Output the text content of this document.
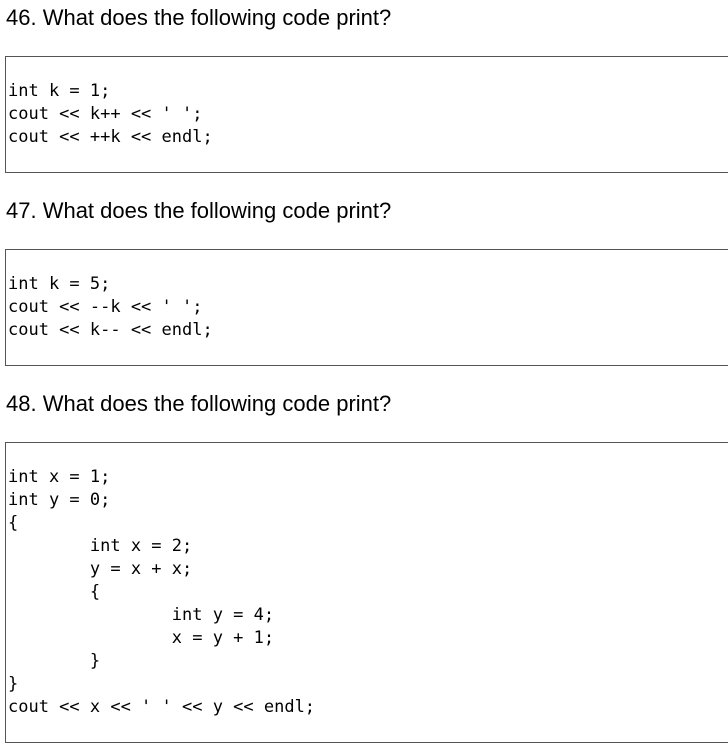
46. What does the following code print?
int k = 1;
cout << k++ << ' ';
cout << ++k << endl;
47. What does the following code print?
int k = 5;
cout << --k << ' ';
cout << k-- << endl;
48. What does the following code print?
int x = 1;
int y = 0;
{
int x = 2;
y = x + x;
{
int y = 4;
x = y + 1;
}
}
cout << x << ' ' << y << endl;
